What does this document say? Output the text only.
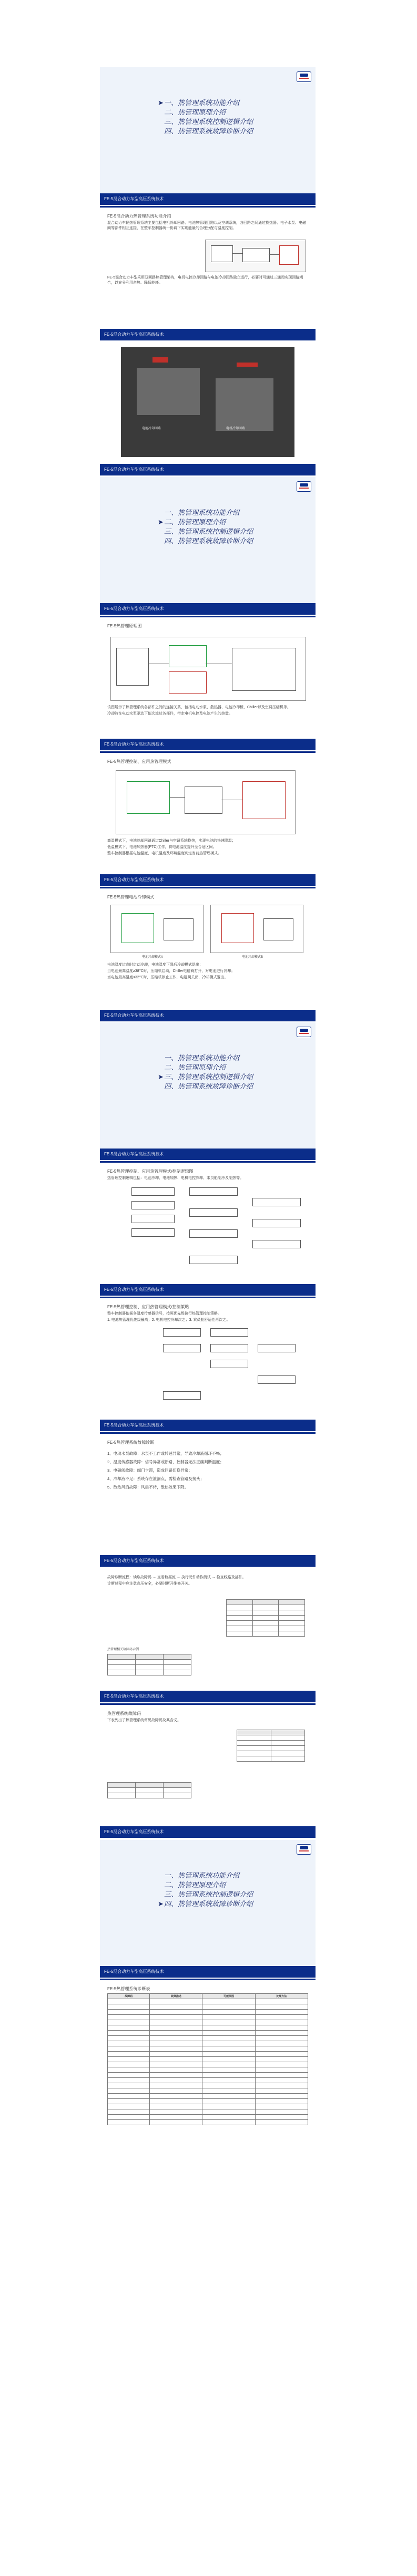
➤一、热管理系统功能介绍
二、热管理原理介绍
三、热管理系统控制逻辑介绍
四、热管理系统故障诊断介绍
FE-5混合动力车型高压系统技术
FE-5混合动力热管理系统功能介绍

混合动力车辆热管理系统主要包括电机冷却回路、电池热管理回路以及空调系统，各回路之间通过换热器、电子水泵、电磁阀等部件相互连接，在整车控制器统一协调下实现能量的合理分配与温度控制。

FE-5混合动力车型采用双回路热管理架构，电机电控冷却回路与电池冷却回路独立运行，必要时可通过三通阀实现回路耦合，以充分利用余热、降低能耗。

FE-5混合动力车型高压系统技术
电池冷却回路	电机冷却回路
FE-5混合动力车型高压系统技术
一、热管理系统功能介绍
➤二、热管理原理介绍
三、热管理系统控制逻辑介绍
四、热管理系统故障诊断介绍
FE-5混合动力车型高压系统技术
FE-5热管理原理图

该图展示了热管理系统各部件之间的连接关系，包括电动水泵、散热器、电池冷却板、Chiller以及空调压缩机等。

冷却液在电动水泵驱动下依次流过各部件，带走电机电控及电池产生的热量。

FE-5混合动力车型高压系统技术
FE-5热管理控制、应用热管理模式

高温模式下，电池冷却回路通过Chiller与空调系统换热，实现电池的快速降温；

低温模式下，电池加热器(PTC)工作，将电池温度提升至合适区间。

整车控制器根据电池温度、电机温度及环境温度判定当前热管理模式。

FE-5混合动力车型高压系统技术
FE-5热管理电池冷却模式
电池冷却模式A	电池冷却模式B

电池温度过高时启动冷却，电池温度下降后冷却模式退出：

当电池最高温度≥38℃时，压缩机启动，Chiller电磁阀打开，对电池进行冷却；

当电池最高温度≤32℃时，压缩机停止工作，电磁阀关闭，冷却模式退出。

FE-5混合动力车型高压系统技术
一、热管理系统功能介绍
二、热管理原理介绍
➤三、热管理系统控制逻辑介绍
四、热管理系统故障诊断介绍
FE-5混合动力车型高压系统技术
FE-5热管理控制、应用热管理模式/控制逻辑图

热管理控制逻辑包括：电池冷却、电池加热、电机电控冷却、乘员舱制冷及制热等。

FE-5混合动力车型高压系统技术
FE-5热管理控制、应用热管理模式/控制策略

整车控制器依据各温度传感器信号，按照优先级执行热管理控制策略。

1. 电池热管理优先级最高；2. 电机电控冷却次之；3. 乘员舱舒适性再次之。

FE-5混合动力车型高压系统技术
FE-5热管理系统故障诊断

1、电动水泵故障：水泵不工作或转速异常，导致冷却液循环不畅；

2、温度传感器故障：信号异常或断路，控制器无法正确判断温度；

3、电磁阀故障：阀门卡滞，造成回路切换异常；

4、冷却液不足：系统存在泄漏点，需检查管路及接头；

5、散热风扇故障：风扇不转，散热效果下降。

FE-5混合动力车型高压系统技术

故障诊断流程：读取故障码 → 查看数据流 → 执行元件动作测试 → 检查线路及部件。

诊断过程中应注意高压安全，必要时断开维修开关。

热管理相关故障码示例

FE-5混合动力车型高压系统技术
热管理系统故障码

下表列出了热管理系统常见故障码及其含义。

FE-5混合动力车型高压系统技术
一、热管理系统功能介绍
二、热管理原理介绍
三、热管理系统控制逻辑介绍
➤四、热管理系统故障诊断介绍
FE-5混合动力车型高压系统技术
FE-5热管理系统诊断表
故障码	故障描述	可能原因	处理方法
